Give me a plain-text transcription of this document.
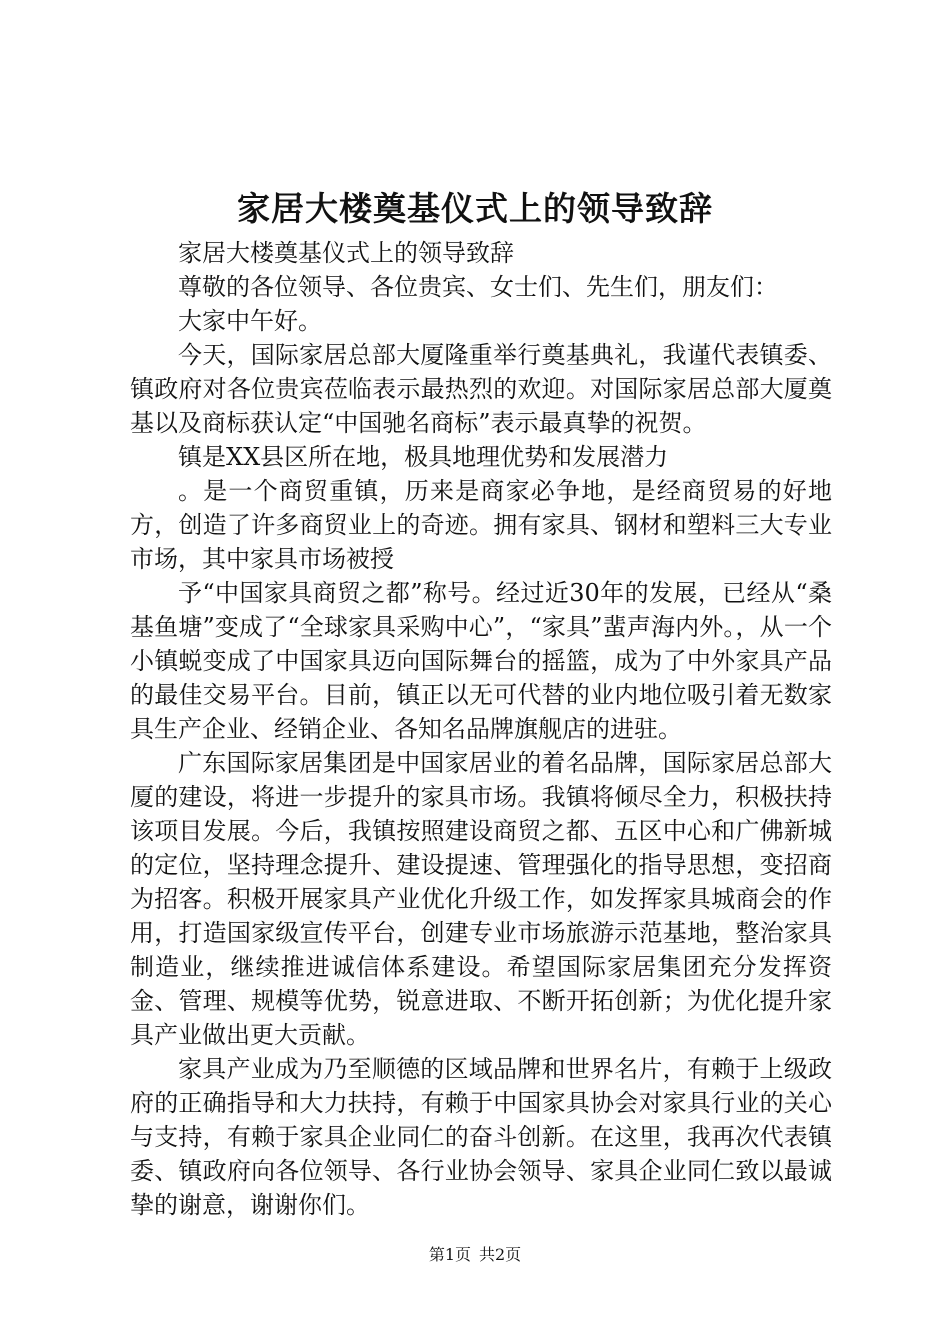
家居大楼奠基仪式上的领导致辞

家居大楼奠基仪式上的领导致辞

尊敬的各位领导、各位贵宾、女士们、先生们，朋友们：

大家中午好。

今天，国际家居总部大厦隆重举行奠基典礼，我谨代表镇委、镇政府对各位贵宾莅临表示最热烈的欢迎。对国际家居总部大厦奠基以及商标获认定“中国驰名商标”表示最真挚的祝贺。

镇是XX县区所在地，极具地理优势和发展潜力

。是一个商贸重镇，历来是商家必争地，是经商贸易的好地方，创造了许多商贸业上的奇迹。拥有家具、钢材和塑料三大专业市场，其中家具市场被授

予“中国家具商贸之都”称号。经过近30年的发展，已经从“桑基鱼塘”变成了“全球家具采购中心”，“家具”蜚声海内外。，从一个小镇蜕变成了中国家具迈向国际舞台的摇篮，成为了中外家具产品的最佳交易平台。目前，镇正以无可代替的业内地位吸引着无数家具生产企业、经销企业、各知名品牌旗舰店的进驻。

广东国际家居集团是中国家居业的着名品牌，国际家居总部大厦的建设，将进一步提升的家具市场。我镇将倾尽全力，积极扶持该项目发展。今后，我镇按照建设商贸之都、五区中心和广佛新城的定位，坚持理念提升、建设提速、管理强化的指导思想，变招商为招客。积极开展家具产业优化升级工作，如发挥家具城商会的作用，打造国家级宣传平台，创建专业市场旅游示范基地，整治家具制造业，继续推进诚信体系建设。希望国际家居集团充分发挥资金、管理、规模等优势，锐意进取、不断开拓创新；为优化提升家具产业做出更大贡献。

家具产业成为乃至顺德的区域品牌和世界名片，有赖于上级政府的正确指导和大力扶持，有赖于中国家具协会对家具行业的关心与支持，有赖于家具企业同仁的奋斗创新。在这里，我再次代表镇委、镇政府向各位领导、各行业协会领导、家具企业同仁致以最诚挚的谢意，谢谢你们。

第1页 共2页
